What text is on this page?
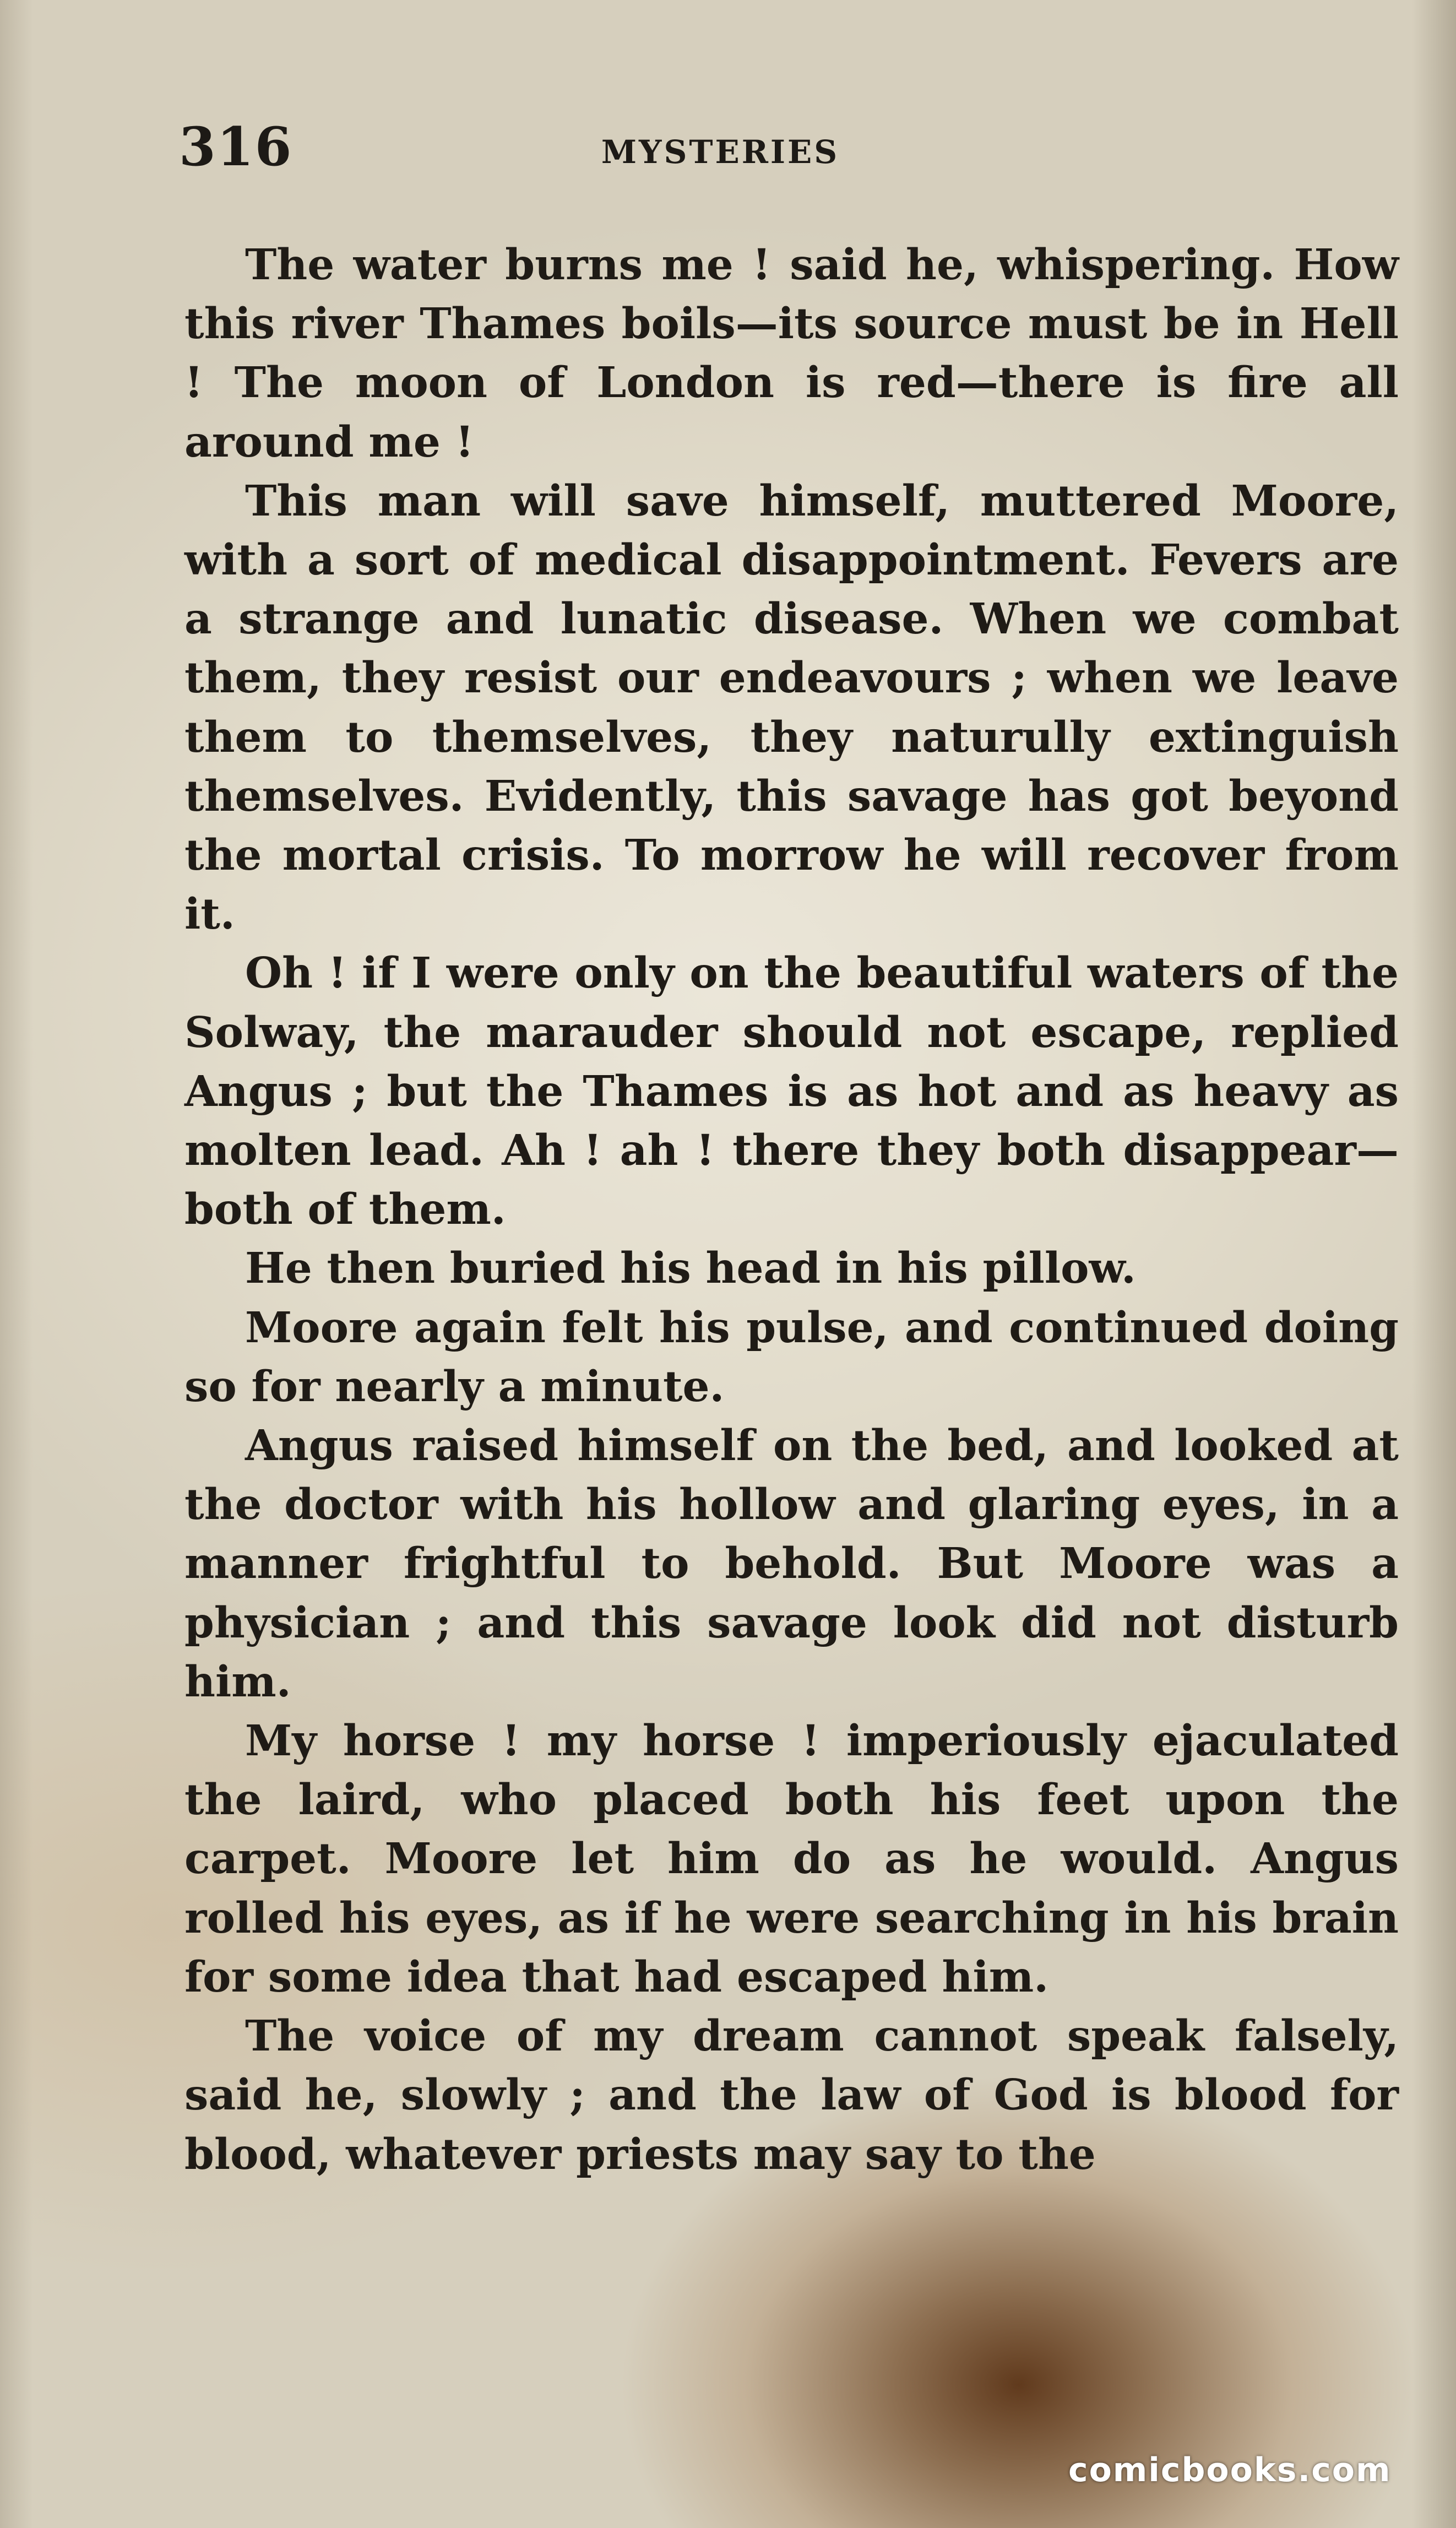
316	MYSTERIES

The water burns me ! said he, whispering. How this river Thames boils—its source must be in Hell ! The moon of London is red—there is fire all around me !

This man will save himself, muttered Moore, with a sort of medical disappointment. Fevers are a strange and lunatic disease. When we combat them, they resist our endeavours ; when we leave them to themselves, they naturully extinguish themselves. Evidently, this savage has got beyond the mortal crisis. To morrow he will recover from it.

Oh ! if I were only on the beautiful waters of the Solway, the marauder should not escape, replied Angus ; but the Thames is as hot and as heavy as molten lead. Ah ! ah ! there they both disappear—both of them.

He then buried his head in his pillow.

Moore again felt his pulse, and continued doing so for nearly a minute.

Angus raised himself on the bed, and looked at the doctor with his hollow and glaring eyes, in a manner frightful to behold. But Moore was a physician ; and this savage look did not disturb him.

My horse ! my horse ! imperiously ejaculated the laird, who placed both his feet upon the carpet. Moore let him do as he would. Angus rolled his eyes, as if he were searching in his brain for some idea that had escaped him.

The voice of my dream cannot speak falsely, said he, slowly ; and the law of God is blood for blood, whatever priests may say to the

comicbooks.com
